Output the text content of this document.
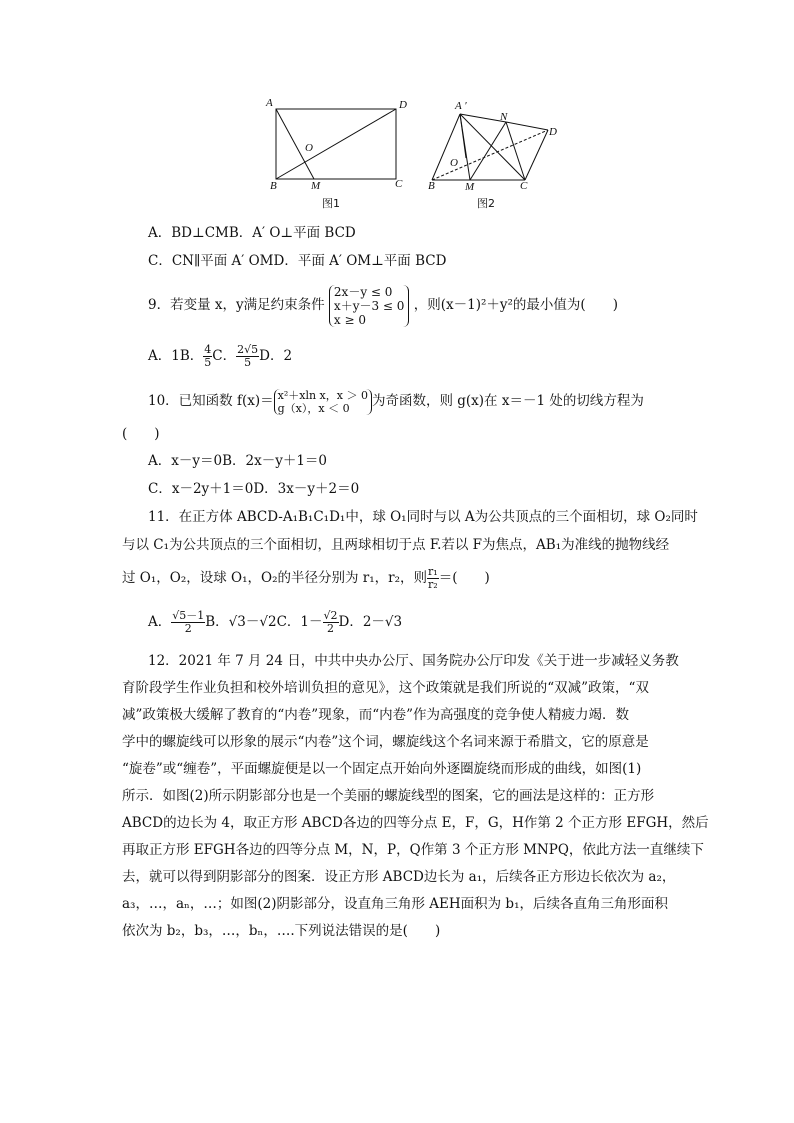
A	D
O
B	M	C
图1
A ′
N
D
O
B	M	C
图2
A．BD⊥CMB．A′ O⊥平面 BCD
C．CN∥平面 A′ OMD．平面 A′ OM⊥平面 BCD
9．若变量 x，y满足约束条件
2x－y ≤ 0
x＋y－3 ≤ 0
x ≥ 0
，则(x－1)²＋y²的最小值为(　　)
A．1B． $\frac{4}{5}$ C． $\frac{2√5}{5}$ D．2
10．已知函数 f(x)＝ x²＋xln x，x ＞ 0
g（x），x ＜ 0	为奇函数，则 g(x)在 x＝－1 处的切线方程为
(　　)
A．x－y＝0B．2x－y＋1＝0
C．x－2y＋1＝0D．3x－y＋2＝0
11．在正方体 ABCD-A₁B₁C₁D₁中，球 O₁同时与以 A为公共顶点的三个面相切，球 O₂同时
与以 C₁为公共顶点的三个面相切，且两球相切于点 F.若以 F为焦点，AB₁为准线的抛物线经
过 O₁，O₂，设球 O₁，O₂的半径分别为 r₁，r₂，则 $\frac{\text{r₁}}{\text{r₂}}$ ＝(　　)
A． $\frac{√5-1}{2}$ B．√3－√2C．$1- \frac{√2}{2}$ D．2－√3
12．2021 年 7 月 24 日，中共中央办公厅、国务院办公厅印发《关于进一步减轻义务教
育阶段学生作业负担和校外培训负担的意见》，这个政策就是我们所说的“双减”政策，“双
减”政策极大缓解了教育的“内卷”现象，而“内卷”作为高强度的竞争使人精疲力竭．数
学中的螺旋线可以形象的展示“内卷”这个词，螺旋线这个名词来源于希腊文，它的原意是
“旋卷”或“缠卷”，平面螺旋便是以一个固定点开始向外逐圈旋绕而形成的曲线，如图(1)
所示．如图(2)所示阴影部分也是一个美丽的螺旋线型的图案，它的画法是这样的：正方形
ABCD的边长为 4，取正方形 ABCD各边的四等分点 E，F，G，H作第 2 个正方形 EFGH，然后
再取正方形 EFGH各边的四等分点 M，N，P，Q作第 3 个正方形 MNPQ，依此方法一直继续下
去，就可以得到阴影部分的图案．设正方形 ABCD边长为 a₁，后续各正方形边长依次为 a₂，
a₃，…，aₙ，…；如图(2)阴影部分，设直角三角形 AEH面积为 b₁，后续各直角三角形面积
依次为 b₂，b₃，…，bₙ，….下列说法错误的是(　　)
